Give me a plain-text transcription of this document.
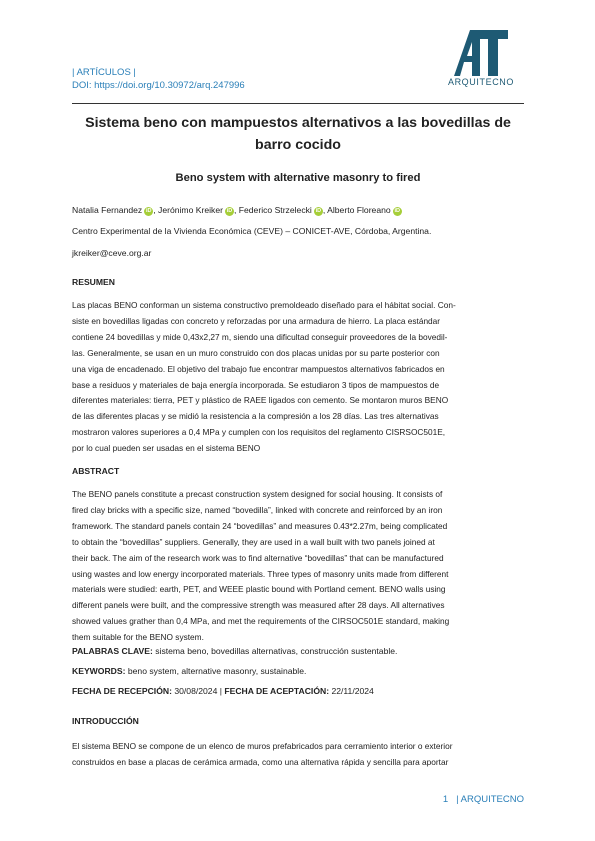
| ARTÍCULOS |
DOI: https://doi.org/10.30972/arq.247996	ARQUITECNO
Sistema beno con mampuestos alternativos a las bovedillas de
barro cocido
Beno system with alternative masonry to fired
Natalia Fernandez iD , Jerónimo Kreiker iD , Federico Strzelecki iD , Alberto Floreano iD
Centro Experimental de la Vivienda Económica (CEVE) – CONICET-AVE, Córdoba, Argentina.
jkreiker@ceve.org.ar
RESUMEN
Las placas BENO conforman un sistema constructivo premoldeado diseñado para el hábitat social. Con-
siste en bovedillas ligadas con concreto y reforzadas por una armadura de hierro. La placa estándar
contiene 24 bovedillas y mide 0,43x2,27 m, siendo una dificultad conseguir proveedores de la bovedil-
las. Generalmente, se usan en un muro construido con dos placas unidas por su parte posterior con
una viga de encadenado. El objetivo del trabajo fue encontrar mampuestos alternativos fabricados en
base a residuos y materiales de baja energía incorporada. Se estudiaron 3 tipos de mampuestos de
diferentes materiales: tierra, PET y plástico de RAEE ligados con cemento. Se montaron muros BENO
de las diferentes placas y se midió la resistencia a la compresión a los 28 días. Las tres alternativas
mostraron valores superiores a 0,4 MPa y cumplen con los requisitos del reglamento CISRSOC501E,
por lo cual pueden ser usadas en el sistema BENO
ABSTRACT
The BENO panels constitute a precast construction system designed for social housing. It consists of
fired clay bricks with a specific size, named “bovedilla”, linked with concrete and reinforced by an iron
framework. The standard panels contain 24 “bovedillas” and measures 0.43*2.27m, being complicated
to obtain the “bovedillas” suppliers. Generally, they are used in a wall built with two panels joined at
their back. The aim of the research work was to find alternative “bovedillas” that can be manufactured
using wastes and low energy incorporated materials. Three types of masonry units made from different
materials were studied: earth, PET, and WEEE plastic bound with Portland cement. BENO walls using
different panels were built, and the compressive strength was measured after 28 days. All alternatives
showed values grather than 0,4 MPa, and met the requirements of the CIRSOC501E standard, making
them suitable for the BENO system.
PALABRAS CLAVE: sistema beno, bovedillas alternativas, construcción sustentable.
KEYWORDS: beno system, alternative masonry, sustainable.
FECHA DE RECEPCIÓN: 30/08/2024 | FECHA DE ACEPTACIÓN: 22/11/2024
INTRODUCCIÓN
El sistema BENO se compone de un elenco de muros prefabricados para cerramiento interior o exterior
construidos en base a placas de cerámica armada, como una alternativa rápida y sencilla para aportar
1 | ARQUITECNO
